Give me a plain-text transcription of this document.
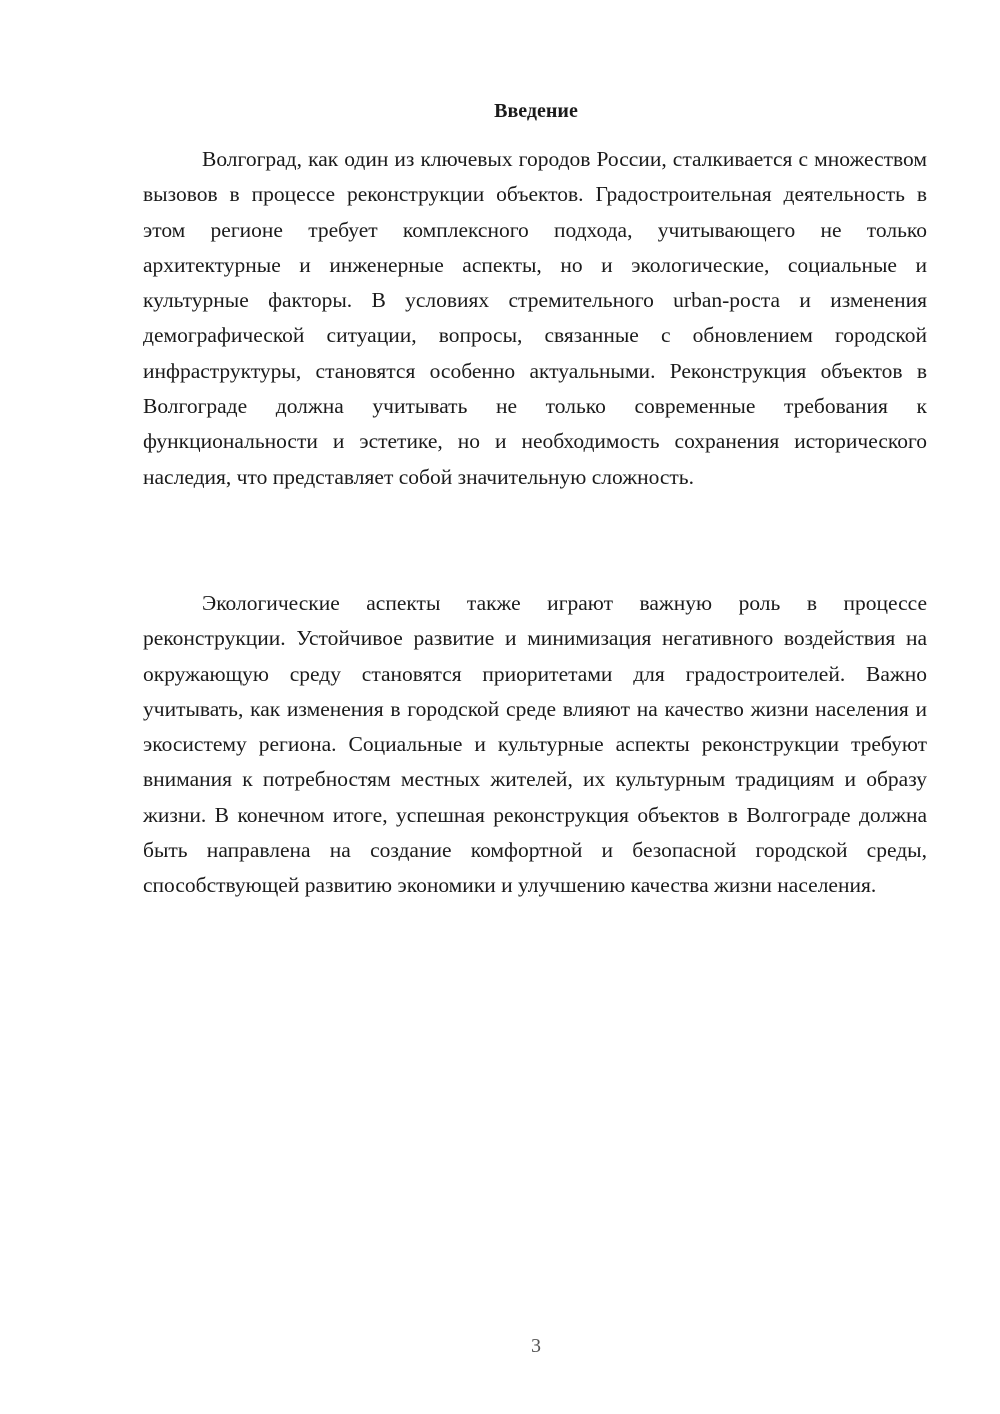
Введение

Волгоград, как один из ключевых городов России, сталкивается с множеством вызовов в процессе реконструкции объектов. Градостроительная деятельность в этом регионе требует комплексного подхода, учитывающего не только архитектурные и инженерные аспекты, но и экологические, социальные и культурные факторы. В условиях стремительного urban-роста и изменения демографической ситуации, вопросы, связанные с обновлением городской инфраструктуры, становятся особенно актуальными. Реконструкция объектов в Волгограде должна учитывать не только современные требования к функциональности и эстетике, но и необходимость сохранения исторического наследия, что представляет собой значительную сложность.

Экологические аспекты также играют важную роль в процессе реконструкции. Устойчивое развитие и минимизация негативного воздействия на окружающую среду становятся приоритетами для градостроителей. Важно учитывать, как изменения в городской среде влияют на качество жизни населения и экосистему региона. Социальные и культурные аспекты реконструкции требуют внимания к потребностям местных жителей, их культурным традициям и образу жизни. В конечном итоге, успешная реконструкция объектов в Волгограде должна быть направлена на создание комфортной и безопасной городской среды, способствующей развитию экономики и улучшению качества жизни населения.

3
